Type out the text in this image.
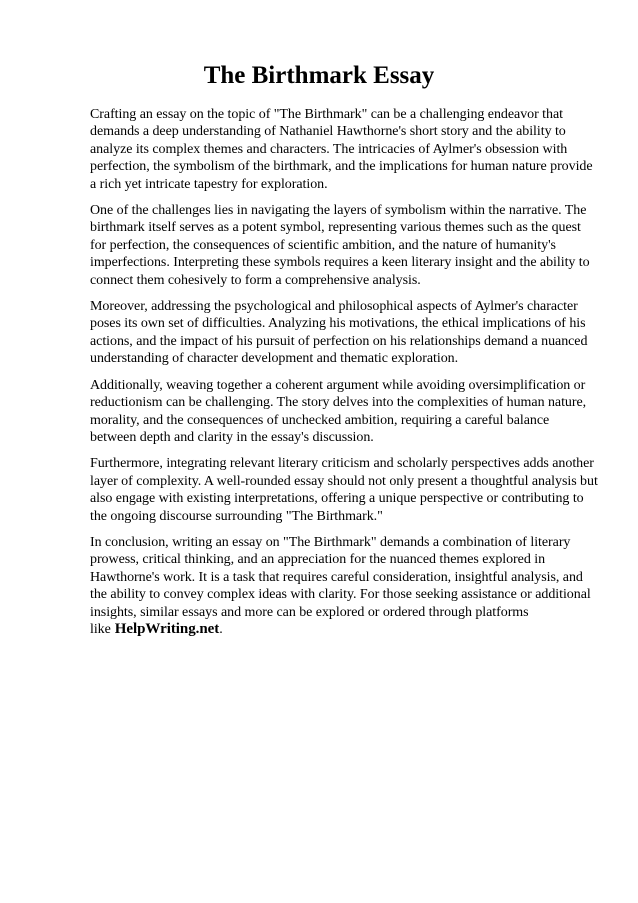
The Birthmark Essay

Crafting an essay on the topic of "The Birthmark" can be a challenging endeavor that demands a deep understanding of Nathaniel Hawthorne's short story and the ability to analyze its complex themes and characters. The intricacies of Aylmer's obsession with perfection, the symbolism of the birthmark, and the implications for human nature provide a rich yet intricate tapestry for exploration.

One of the challenges lies in navigating the layers of symbolism within the narrative. The birthmark itself serves as a potent symbol, representing various themes such as the quest for perfection, the consequences of scientific ambition, and the nature of humanity's imperfections. Interpreting these symbols requires a keen literary insight and the ability to connect them cohesively to form a comprehensive analysis.

Moreover, addressing the psychological and philosophical aspects of Aylmer's character poses its own set of difficulties. Analyzing his motivations, the ethical implications of his actions, and the impact of his pursuit of perfection on his relationships demand a nuanced understanding of character development and thematic exploration.

Additionally, weaving together a coherent argument while avoiding oversimplification or reductionism can be challenging. The story delves into the complexities of human nature, morality, and the consequences of unchecked ambition, requiring a careful balance between depth and clarity in the essay's discussion.

Furthermore, integrating relevant literary criticism and scholarly perspectives adds another layer of complexity. A well-rounded essay should not only present a thoughtful analysis but also engage with existing interpretations, offering a unique perspective or contributing to the ongoing discourse surrounding "The Birthmark."

In conclusion, writing an essay on "The Birthmark" demands a combination of literary prowess, critical thinking, and an appreciation for the nuanced themes explored in Hawthorne's work. It is a task that requires careful consideration, insightful analysis, and the ability to convey complex ideas with clarity. For those seeking assistance or additional insights, similar essays and more can be explored or ordered through platforms like HelpWriting.net.
